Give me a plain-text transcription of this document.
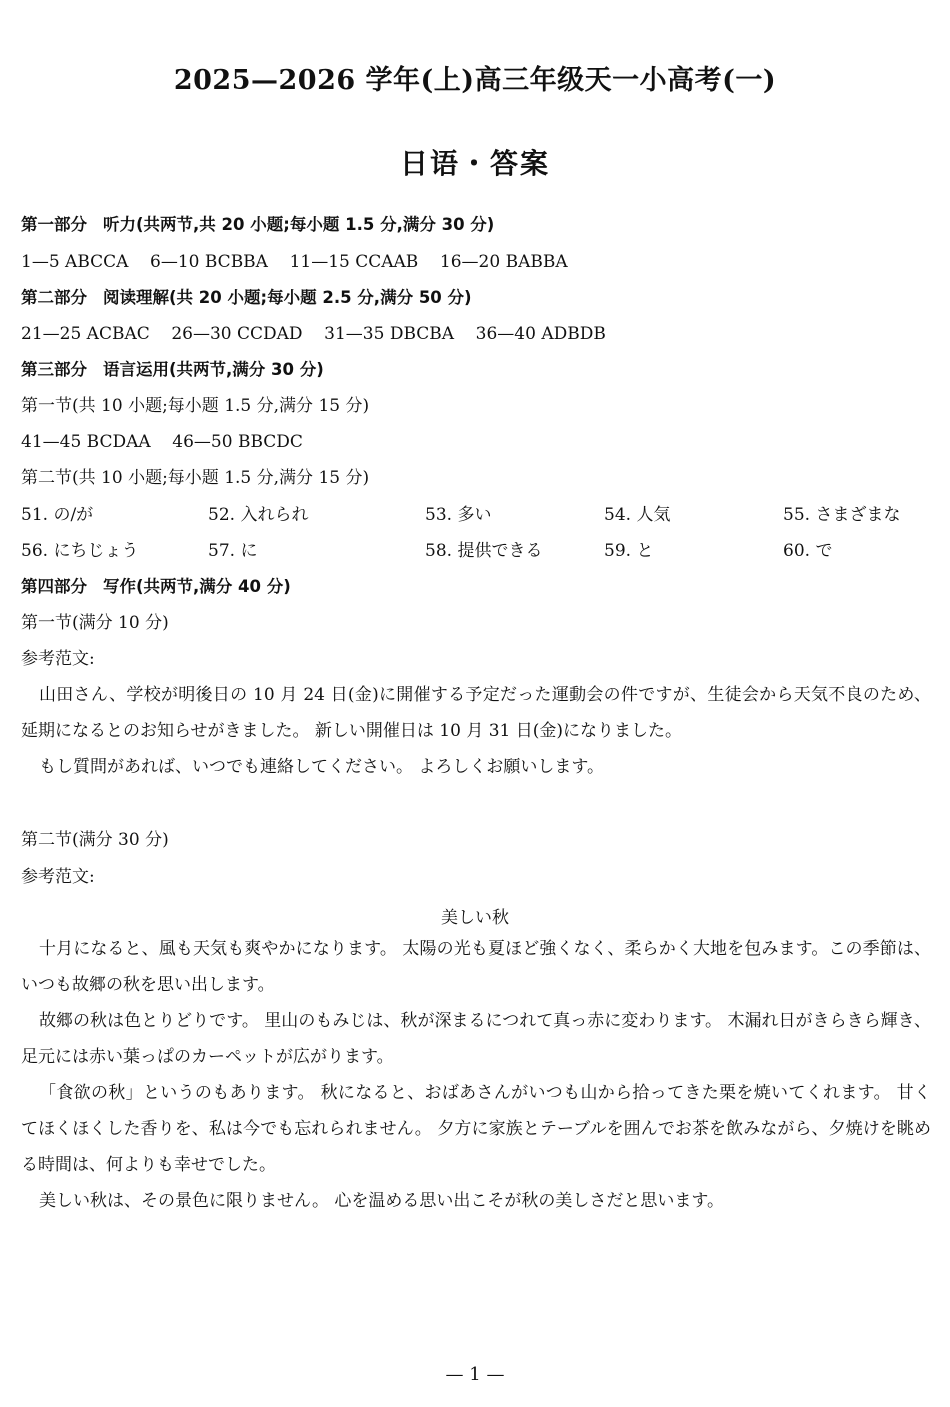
2025—2026 学年(上)高三年级天一小高考(一)
日语・答案
第一部分 听力(共两节,共 20 小题;每小题 1.5 分,满分 30 分)
1—5 ABCCA    6—10 BCBBA    11—15 CCAAB    16—20 BABBA
第二部分 阅读理解(共 20 小题;每小题 2.5 分,满分 50 分)
21—25 ACBAC    26—30 CCDAD    31—35 DBCBA    36—40 ADBDB
第三部分 语言运用(共两节,满分 30 分)
第一节(共 10 小题;每小题 1.5 分,满分 15 分)
41—45 BCDAA    46—50 BBCDC
第二节(共 10 小题;每小题 1.5 分,满分 15 分)
51. の/が	52. 入れられ	53. 多い	54. 人気	55. さまざまな
56. にちじょう	57. に	58. 提供できる	59. と	60. で
第四部分 写作(共两节,满分 40 分)
第一节(满分 10 分)
参考范文:
山田さん、学校が明後日の 10 月 24 日(金)に開催する予定だった運動会の件ですが、生徒会から天気不良のため、延期になるとのお知らせがきました。 新しい開催日は 10 月 31 日(金)になりました。
もし質問があれば、いつでも連絡してください。 よろしくお願いします。
第二节(满分 30 分)
参考范文:
美しい秋
十月になると、風も天気も爽やかになります。 太陽の光も夏ほど強くなく、柔らかく大地を包みます。この季節は、いつも故郷の秋を思い出します。
故郷の秋は色とりどりです。 里山のもみじは、秋が深まるにつれて真っ赤に変わります。 木漏れ日がきらきら輝き、足元には赤い葉っぱのカーペットが広がります。
「食欲の秋」というのもあります。 秋になると、おばあさんがいつも山から拾ってきた栗を焼いてくれます。 甘くてほくほくした香りを、私は今でも忘れられません。 夕方に家族とテーブルを囲んでお茶を飲みながら、夕焼けを眺める時間は、何よりも幸せでした。
美しい秋は、その景色に限りません。 心を温める思い出こそが秋の美しさだと思います。
— 1 —
